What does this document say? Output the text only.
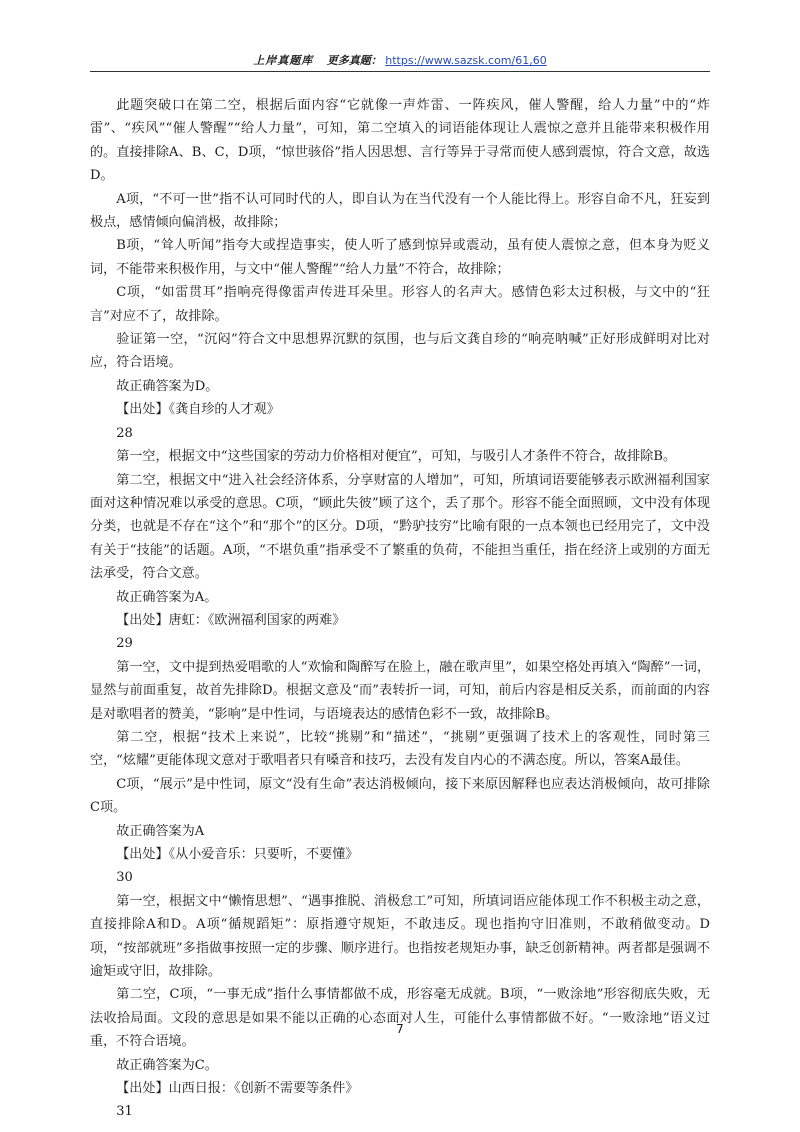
上岸真题库 更多真题： https://www.sazsk.com/61,60

此题突破口在第二空，根据后面内容“它就像一声炸雷、一阵疾风，催人警醒，给人力量”中的“炸雷”、“疾风”“催人警醒”“给人力量”，可知，第二空填入的词语能体现让人震惊之意并且能带来积极作用的。直接排除A、B、C，D项，“惊世骇俗”指人因思想、言行等异于寻常而使人感到震惊，符合文意，故选D。

A项，“不可一世”指不认可同时代的人，即自认为在当代没有一个人能比得上。形容自命不凡，狂妄到极点，感情倾向偏消极，故排除；

B项，“耸人听闻”指夸大或捏造事实，使人听了感到惊异或震动，虽有使人震惊之意，但本身为贬义词，不能带来积极作用，与文中“催人警醒”“给人力量”不符合，故排除；

C项，“如雷贯耳”指响亮得像雷声传进耳朵里。形容人的名声大。感情色彩太过积极，与文中的“狂言”对应不了，故排除。

验证第一空，“沉闷”符合文中思想界沉默的氛围，也与后文龚自珍的“响亮呐喊”正好形成鲜明对比对应，符合语境。

故正确答案为D。

【出处】《龚自珍的人才观》

28

第一空，根据文中“这些国家的劳动力价格相对便宜”，可知，与吸引人才条件不符合，故排除B。

第二空，根据文中“进入社会经济体系，分享财富的人增加”，可知，所填词语要能够表示欧洲福利国家面对这种情况难以承受的意思。C项，“顾此失彼”顾了这个，丢了那个。形容不能全面照顾，文中没有体现分类，也就是不存在“这个”和“那个”的区分。D项，“黔驴技穷”比喻有限的一点本领也已经用完了，文中没有关于“技能”的话题。A项，“不堪负重”指承受不了繁重的负荷，不能担当重任，指在经济上或别的方面无法承受，符合文意。

故正确答案为A。

【出处】唐虹：《欧洲福利国家的两难》

29

第一空，文中提到热爱唱歌的人“欢愉和陶醉写在脸上，融在歌声里”，如果空格处再填入“陶醉”一词，显然与前面重复，故首先排除D。根据文意及“而”表转折一词，可知，前后内容是相反关系，而前面的内容是对歌唱者的赞美，“影响”是中性词，与语境表达的感情色彩不一致，故排除B。

第二空，根据“技术上来说”，比较“挑剔”和“描述”，“挑剔”更强调了技术上的客观性，同时第三空，“炫耀”更能体现文意对于歌唱者只有嗓音和技巧，去没有发自内心的不满态度。所以，答案A最佳。

C项，“展示”是中性词，原文“没有生命”表达消极倾向，接下来原因解释也应表达消极倾向，故可排除C项。

故正确答案为A

【出处】《从小爱音乐：只要听，不要懂》

30

第一空，根据文中“懒惰思想”、“遇事推脱、消极怠工”可知，所填词语应能体现工作不积极主动之意，直接排除A和D。A项“循规蹈矩”：原指遵守规矩，不敢违反。现也指拘守旧准则，不敢稍做变动。D项，“按部就班”多指做事按照一定的步骤、顺序进行。也指按老规矩办事，缺乏创新精神。两者都是强调不逾矩或守旧，故排除。

第二空，C项，“一事无成”指什么事情都做不成，形容毫无成就。B项，“一败涂地”形容彻底失败，无法收拾局面。文段的意思是如果不能以正确的心态面对人生，可能什么事情都做不好。“一败涂地”语义过重，不符合语境。

故正确答案为C。

【出处】山西日报：《创新不需要等条件》

31

7
